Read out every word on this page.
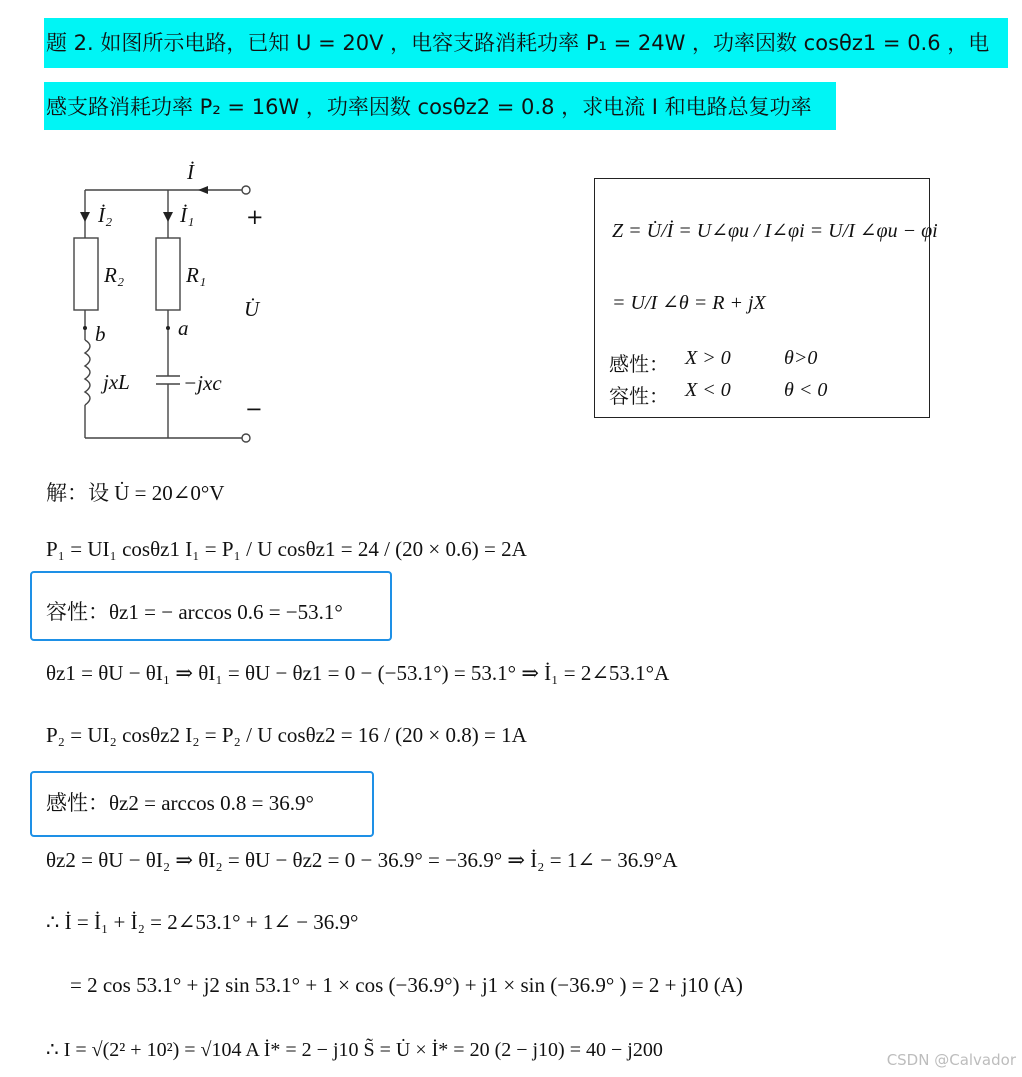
题 2. 如图所示电路，已知 U = 20V ，电容支路消耗功率 P₁ = 24W ，功率因数 cosθz1 = 0.6 ，电
感支路消耗功率 P₂ = 16W ，功率因数 cosθz2 = 0.8 ，求电流 I 和电路总复功率
İ
İ₂	İ₁ +
R₂	R₁
U̇
b	a
jxL	−jxc
−
Z = U̇/İ = U∠φu / I∠φi = U/I ∠φu − φi
= U/I ∠θ = R + jX
感性： X > 0	θ>0
容性： X < 0	θ < 0
解：设 U̇ = 20∠0°V
P₁ = UI₁ cosθz1 I₁ = P₁ / U cosθz1 = 24 / (20 × 0.6) = 2A
容性：θz1 = − arccos 0.6 = −53.1°
θz1 = θU − θI₁ ⇒ θI₁ = θU − θz1 = 0 − (−53.1°) = 53.1° ⇒ İ₁ = 2∠53.1°A
P₂ = UI₂ cosθz2 I₂ = P₂ / U cosθz2 = 16 / (20 × 0.8) = 1A
感性：θz2 = arccos 0.8 = 36.9°
θz2 = θU − θI₂ ⇒ θI₂ = θU − θz2 = 0 − 36.9° = −36.9° ⇒ İ₂ = 1∠ − 36.9°A
∴ İ = İ₁ + İ₂ = 2∠53.1° + 1∠ − 36.9°
= 2 cos 53.1° + j2 sin 53.1° + 1 × cos (−36.9°) + j1 × sin (−36.9° ) = 2 + j10 (A)
∴ I = √(2² + 10²) = √104 A İ* = 2 − j10 S̃ = U̇ × İ* = 20 (2 − j10) = 40 − j200	CSDN @Calvador
